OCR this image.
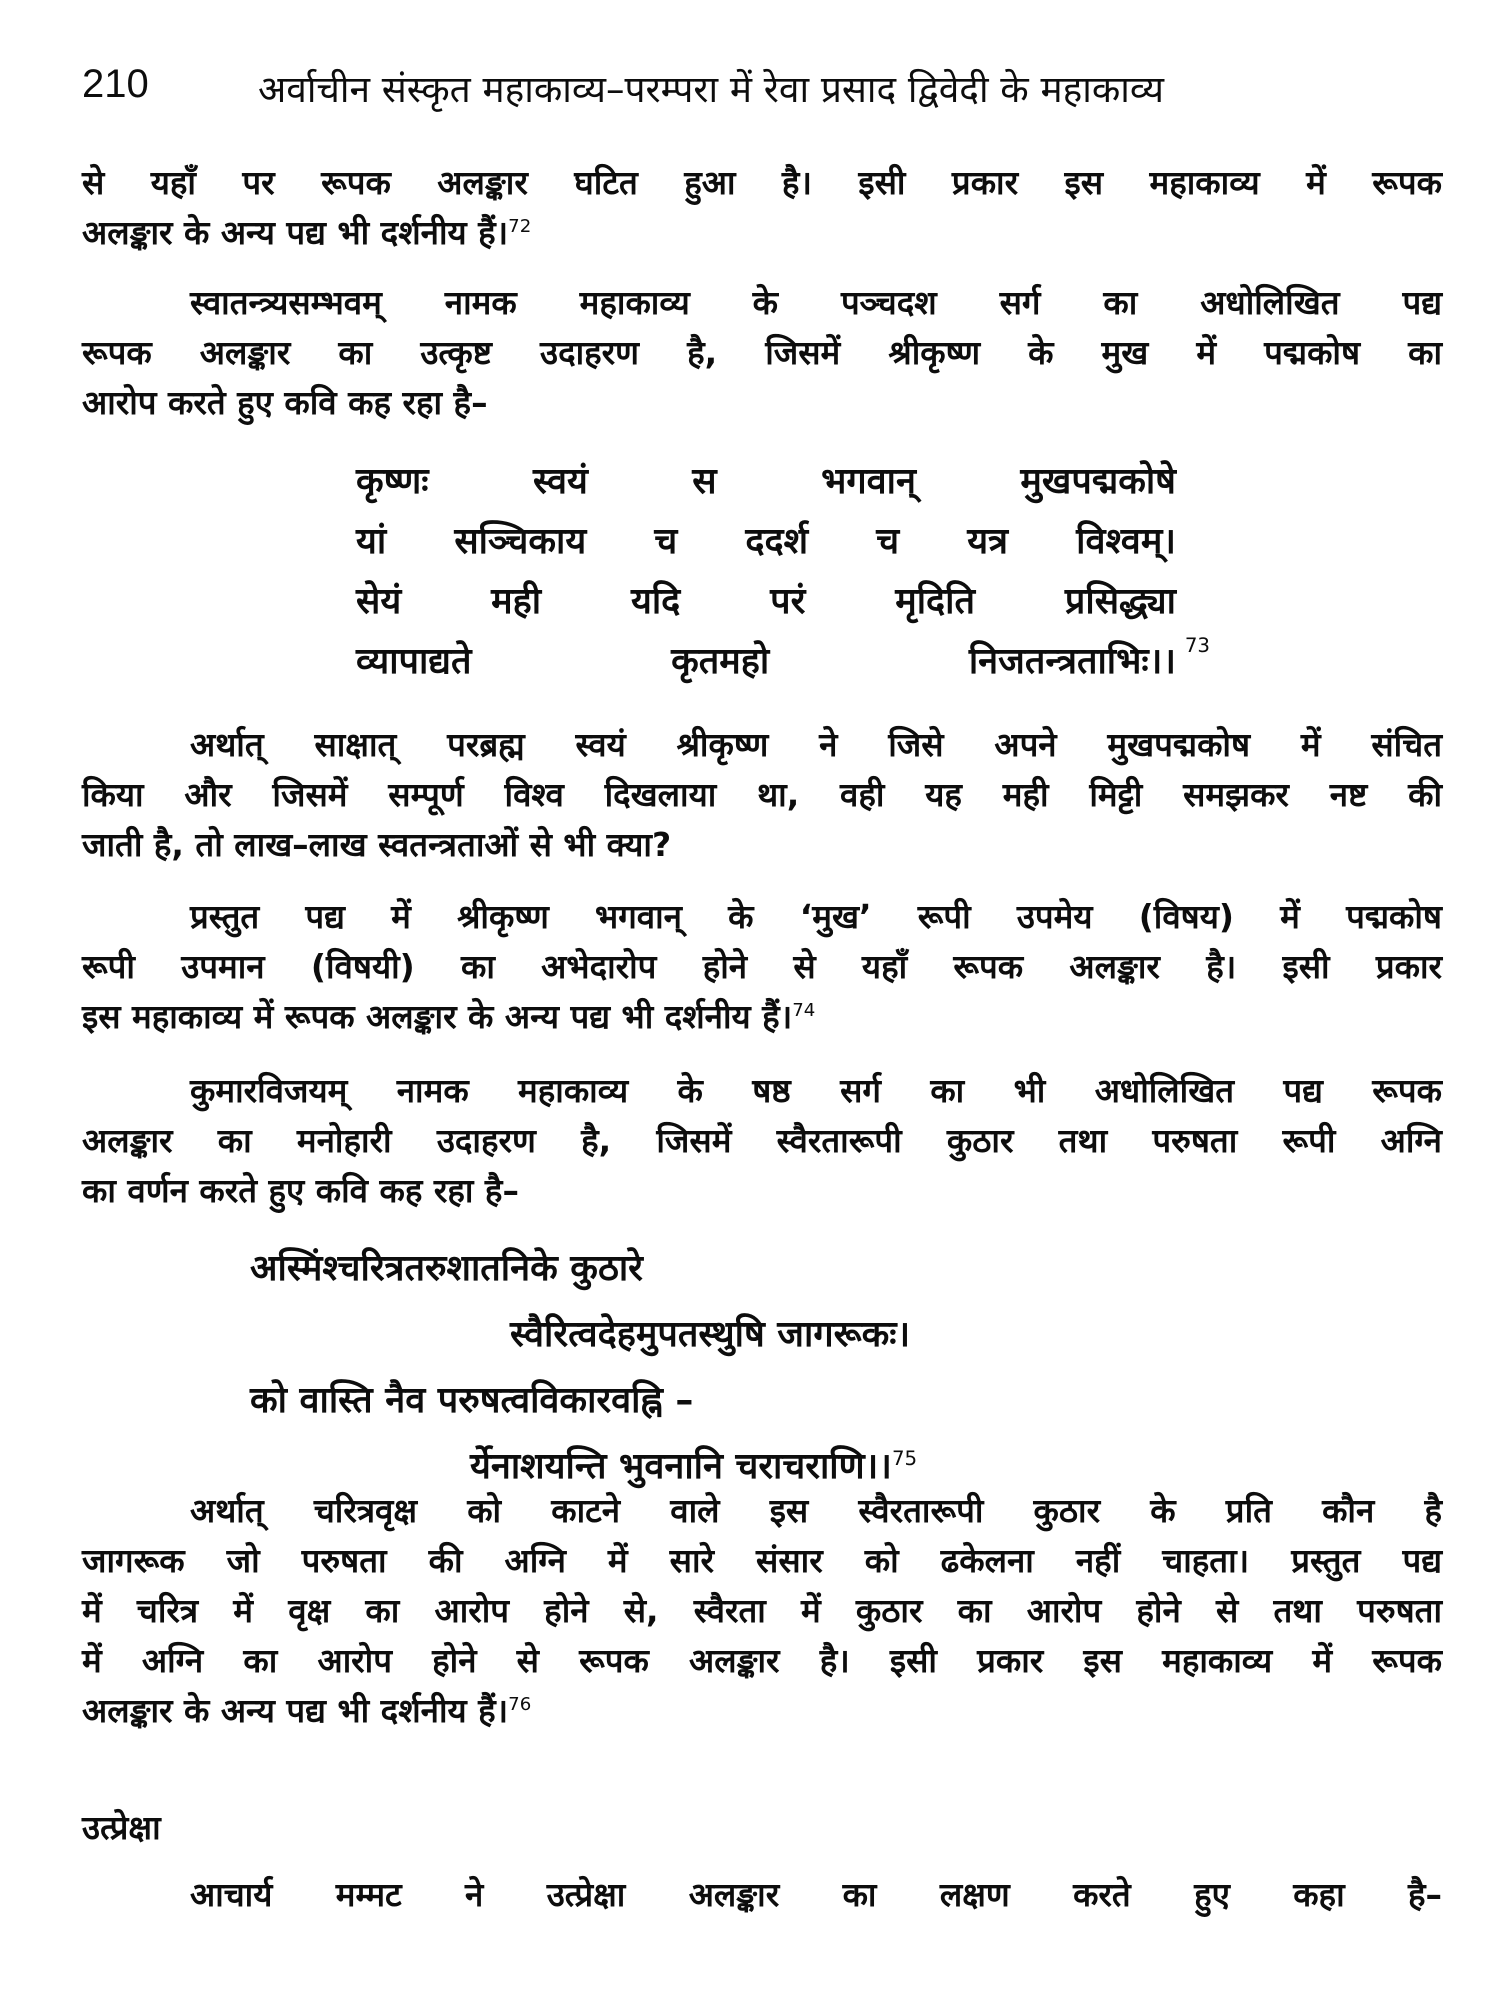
210	अर्वाचीन संस्कृत महाकाव्य–परम्परा में रेवा प्रसाद द्विवेदी के महाकाव्य

से यहाँ पर रूपक अलङ्कार घटित हुआ है। इसी प्रकार इस महाकाव्य में रूपक

अलङ्कार के अन्य पद्य भी दर्शनीय हैं।$^{72}$

स्वातन्त्र्यसम्भवम् नामक महाकाव्य के पञ्चदश सर्ग का अधोलिखित पद्य

रूपक अलङ्कार का उत्कृष्ट उदाहरण है, जिसमें श्रीकृष्ण के मुख में पद्मकोष का

आरोप करते हुए कवि कह रहा है–

कृष्णः स्वयं स भगवान् मुखपद्मकोषे
यां सञ्चिकाय च ददर्श च यत्र विश्वम्।
सेयं मही यदि परं मृदिति प्रसिद्ध्या
व्यापाद्यते कृतमहो निजतन्त्रताभिः।। 73

अर्थात् साक्षात् परब्रह्म स्वयं श्रीकृष्ण ने जिसे अपने मुखपद्मकोष में संचित

किया और जिसमें सम्पूर्ण विश्व दिखलाया था, वही यह मही मिट्टी समझकर नष्ट की

जाती है, तो लाख–लाख स्वतन्त्रताओं से भी क्या?

प्रस्तुत पद्य में श्रीकृष्ण भगवान् के ‘मुख’ रूपी उपमेय (विषय) में पद्मकोष

रूपी उपमान (विषयी) का अभेदारोप होने से यहाँ रूपक अलङ्कार है। इसी प्रकार

इस महाकाव्य में रूपक अलङ्कार के अन्य पद्य भी दर्शनीय हैं।$^{74}$

कुमारविजयम् नामक महाकाव्य के षष्ठ सर्ग का भी अधोलिखित पद्य रूपक

अलङ्कार का मनोहारी उदाहरण है, जिसमें स्वैरतारूपी कुठार तथा परुषता रूपी अग्नि

का वर्णन करते हुए कवि कह रहा है–

अस्मिंश्चरित्रतरुशातनिके कुठारे
स्वैरित्वदेहमुपतस्थुषि जागरूकः।
को वास्ति नैव परुषत्वविकारवह्नि –
र्येनाशयन्ति भुवनानि चराचराणि।।$^{75}$

अर्थात् चरित्रवृक्ष को काटने वाले इस स्वैरतारूपी कुठार के प्रति कौन है

जागरूक जो परुषता की अग्नि में सारे संसार को ढकेलना नहीं चाहता। प्रस्तुत पद्य

में चरित्र में वृक्ष का आरोप होने से, स्वैरता में कुठार का आरोप होने से तथा परुषता

में अग्नि का आरोप होने से रूपक अलङ्कार है। इसी प्रकार इस महाकाव्य में रूपक

अलङ्कार के अन्य पद्य भी दर्शनीय हैं।$^{76}$

उत्प्रेक्षा

आचार्य मम्मट ने उत्प्रेक्षा अलङ्कार का लक्षण करते हुए कहा है–
